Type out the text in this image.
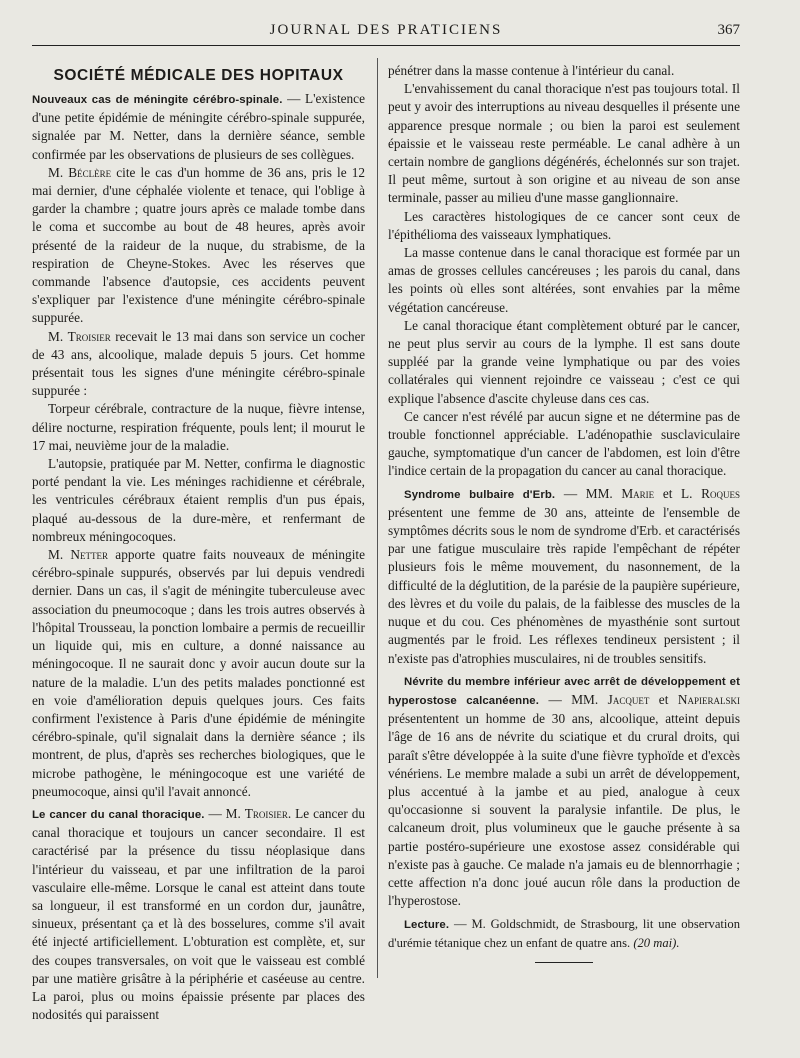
JOURNAL DES PRATICIENS	367
SOCIÉTÉ MÉDICALE DES HOPITAUX

Nouveaux cas de méningite cérébro-spinale. — L'existence d'une petite épidémie de méningite cérébro-spinale suppurée, signalée par M. Netter, dans la dernière séance, semble confirmée par les observations de plusieurs de ses collègues.

M. Béclère cite le cas d'un homme de 36 ans, pris le 12 mai dernier, d'une céphalée violente et tenace, qui l'oblige à garder la chambre ; quatre jours après ce malade tombe dans le coma et succombe au bout de 48 heures, après avoir présenté de la raideur de la nuque, du strabisme, de la respiration de Cheyne-Stokes. Avec les réserves que commande l'absence d'autopsie, ces accidents peuvent s'expliquer par l'existence d'une méningite cérébro-spinale suppurée.

M. Troisier recevait le 13 mai dans son service un cocher de 43 ans, alcoolique, malade depuis 5 jours. Cet homme présentait tous les signes d'une méningite cérébro-spinale suppurée :

Torpeur cérébrale, contracture de la nuque, fièvre intense, délire nocturne, respiration fréquente, pouls lent; il mourut le 17 mai, neuvième jour de la maladie.

L'autopsie, pratiquée par M. Netter, confirma le diagnostic porté pendant la vie. Les méninges rachidienne et cérébrale, les ventricules cérébraux étaient remplis d'un pus épais, plaqué au-dessous de la dure-mère, et renfermant de nombreux méningocoques.

M. Netter apporte quatre faits nouveaux de méningite cérébro-spinale suppurés, observés par lui depuis vendredi dernier. Dans un cas, il s'agit de méningite tuberculeuse avec association du pneumocoque ; dans les trois autres observés à l'hôpital Trousseau, la ponction lombaire a permis de recueillir un liquide qui, mis en culture, a donné naissance au méningocoque. Il ne saurait donc y avoir aucun doute sur la nature de la maladie. L'un des petits malades ponctionné est en voie d'amélioration depuis quelques jours. Ces faits confirment l'existence à Paris d'une épidémie de méningite cérébro-spinale, qu'il signalait dans la dernière séance ; ils montrent, de plus, d'après ses recherches biologiques, que le microbe pathogène, le méningocoque est une variété de pneumocoque, ainsi qu'il l'avait annoncé.

Le cancer du canal thoracique. — M. Troisier. Le cancer du canal thoracique et toujours un cancer secondaire. Il est caractérisé par la présence du tissu néoplasique dans l'intérieur du vaisseau, et par une infiltration de la paroi vasculaire elle-même. Lorsque le canal est atteint dans toute sa longueur, il est transformé en un cordon dur, jaunâtre, sinueux, présentant ça et là des bosselures, comme s'il avait été injecté artificiellement. L'obturation est complète, et, sur des coupes transversales, on voit que le vaisseau est comblé par une matière grisâtre à la périphérie et caséeuse au centre. La paroi, plus ou moins épaissie présente par places des nodosités qui paraissent

pénétrer dans la masse contenue à l'intérieur du canal.

L'envahissement du canal thoracique n'est pas toujours total. Il peut y avoir des interruptions au niveau desquelles il présente une apparence presque normale ; ou bien la paroi est seulement épaissie et le vaisseau reste perméable. Le canal adhère à un certain nombre de ganglions dégénérés, échelonnés sur son trajet. Il peut même, surtout à son origine et au niveau de son anse terminale, passer au milieu d'une masse ganglionnaire.

Les caractères histologiques de ce cancer sont ceux de l'épithélioma des vaisseaux lymphatiques.

La masse contenue dans le canal thoracique est formée par un amas de grosses cellules cancéreuses ; les parois du canal, dans les points où elles sont altérées, sont envahies par la même végétation cancéreuse.

Le canal thoracique étant complètement obturé par le cancer, ne peut plus servir au cours de la lymphe. Il est sans doute suppléé par la grande veine lymphatique ou par des voies collatérales qui viennent rejoindre ce vaisseau ; c'est ce qui explique l'absence d'ascite chyleuse dans ces cas.

Ce cancer n'est révélé par aucun signe et ne détermine pas de trouble fonctionnel appréciable. L'adénopathie susclaviculaire gauche, symptomatique d'un cancer de l'abdomen, est loin d'être l'indice certain de la propagation du cancer au canal thoracique.

Syndrome bulbaire d'Erb. — MM. Marie et L. Roques présentent une femme de 30 ans, atteinte de l'ensemble de symptômes décrits sous le nom de syndrome d'Erb. et caractérisés par une fatigue musculaire très rapide l'empêchant de répéter plusieurs fois le même mouvement, du nasonnement, de la difficulté de la déglutition, de la parésie de la paupière supérieure, des lèvres et du voile du palais, de la faiblesse des muscles de la nuque et du cou. Ces phénomènes de myasthénie sont surtout augmentés par le froid. Les réflexes tendineux persistent ; il n'existe pas d'atrophies musculaires, ni de troubles sensitifs.

Névrite du membre inférieur avec arrêt de développement et hyperostose calcanéenne. — MM. Jacquet et Napieralski présententent un homme de 30 ans, alcoolique, atteint depuis l'âge de 16 ans de névrite du sciatique et du crural droits, qui paraît s'être développée à la suite d'une fièvre typhoïde et d'excès vénériens. Le membre malade a subi un arrêt de développement, plus accentué à la jambe et au pied, analogue à ceux qu'occasionne si souvent la paralysie infantile. De plus, le calcaneum droit, plus volumineux que le gauche présente à sa partie postéro-supérieure une exostose assez considérable qui n'existe pas à gauche. Ce malade n'a jamais eu de blennorrhagie ; cette affection n'a donc joué aucun rôle dans la production de l'hyperostose.

Lecture. — M. Goldschmidt, de Strasbourg, lit une observation d'urémie tétanique chez un enfant de quatre ans. (20 mai).
